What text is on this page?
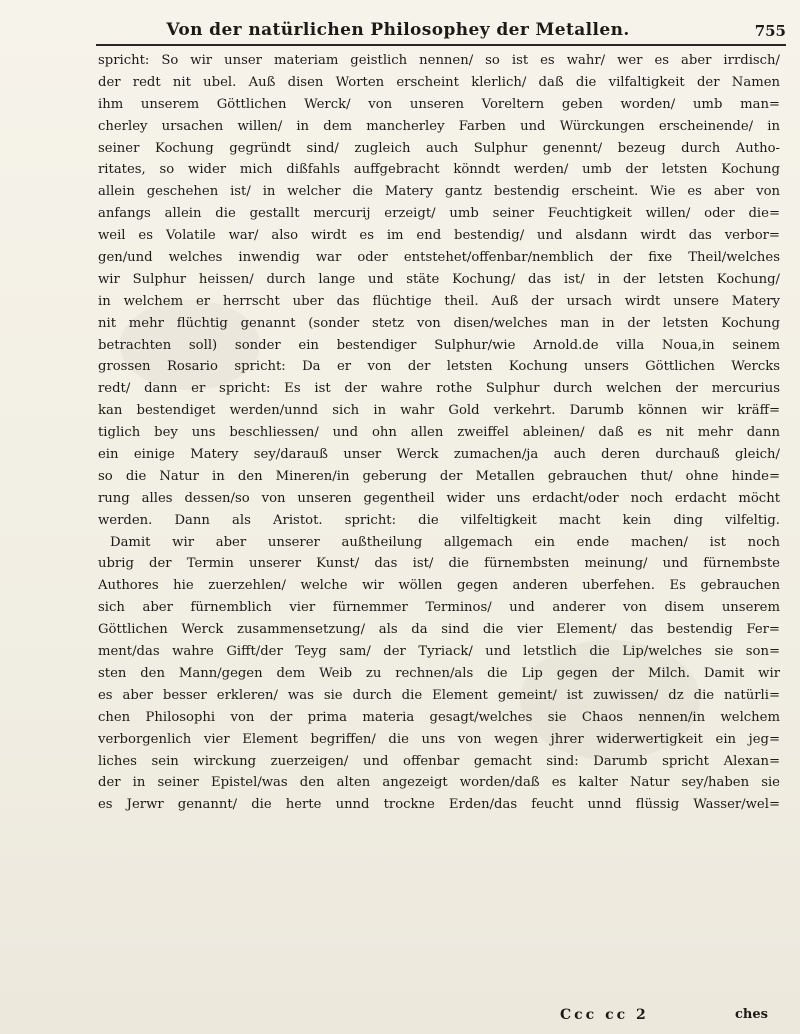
Von der natürlichen Philosophey der Metallen.	755
spricht: So wir unser materiam geistlich nennen/ so ist es wahr/ wer es aber irrdisch/
der redt nit ubel. Auß disen Worten erscheint klerlich/ daß die vilfaltigkeit der Namen
ihm unserem Göttlichen Werck/ von unseren Voreltern geben worden/ umb man=
cherley ursachen willen/ in dem mancherley Farben und Würckungen erscheinende/ in
seiner Kochung gegründt sind/ zugleich auch Sulphur genennt/ bezeug durch Autho-
ritates, so wider mich dißfahls auffgebracht könndt werden/ umb der letsten Kochung
allein geschehen ist/ in welcher die Matery gantz bestendig erscheint. Wie es aber von
anfangs allein die gestallt mercurij erzeigt/ umb seiner Feuchtigkeit willen/ oder die=
weil es Volatile war/ also wirdt es im end bestendig/ und alsdann wirdt das verbor=
gen/und welches inwendig war oder entstehet/offenbar/nemblich der fixe Theil/welches
wir Sulphur heissen/ durch lange und stäte Kochung/ das ist/ in der letsten Kochung/
in welchem er herrscht uber das flüchtige theil. Auß der ursach wirdt unsere Matery
nit mehr flüchtig genannt (sonder stetz von disen/welches man in der letsten Kochung
betrachten soll) sonder ein bestendiger Sulphur/wie Arnold.de villa Noua,in seinem
grossen Rosario spricht: Da er von der letsten Kochung unsers Göttlichen Wercks
redt/ dann er spricht: Es ist der wahre rothe Sulphur durch welchen der mercurius
kan bestendiget werden/unnd sich in wahr Gold verkehrt. Darumb können wir kräff=
tiglich bey uns beschliessen/ und ohn allen zweiffel ableinen/ daß es nit mehr dann
ein einige Matery sey/darauß unser Werck zumachen/ja auch deren durchauß gleich/
so die Natur in den Mineren/in geberung der Metallen gebrauchen thut/ ohne hinde=
rung alles dessen/so von unseren gegentheil wider uns erdacht/oder noch erdacht möcht
werden. Dann als Aristot. spricht: die vilfeltigkeit macht kein ding vilfeltig.
Damit wir aber unserer außtheilung allgemach ein ende machen/ ist noch
ubrig der Termin unserer Kunst/ das ist/ die fürnembsten meinung/ und fürnembste
Authores hie zuerzehlen/ welche wir wöllen gegen anderen uberfehen. Es gebrauchen
sich aber fürnemblich vier fürnemmer Terminos/ und anderer von disem unserem
Göttlichen Werck zusammensetzung/ als da sind die vier Element/ das bestendig Fer=
ment/das wahre Gifft/der Teyg sam/ der Tyriack/ und letstlich die Lip/welches sie son=
sten den Mann/gegen dem Weib zu rechnen/als die Lip gegen der Milch. Damit wir
es aber besser erkleren/ was sie durch die Element gemeint/ ist zuwissen/ dz die natürli=
chen Philosophi von der prima materia gesagt/welches sie Chaos nennen/in welchem
verborgenlich vier Element begriffen/ die uns von wegen jhrer widerwertigkeit ein jeg=
liches sein wirckung zuerzeigen/ und offenbar gemacht sind: Darumb spricht Alexan=
der in seiner Epistel/was den alten angezeigt worden/daß es kalter Natur sey/haben sie
es Jerwr genannt/ die herte unnd trockne Erden/das feucht unnd flüssig Wasser/wel=
Ccc cc 2	ches
